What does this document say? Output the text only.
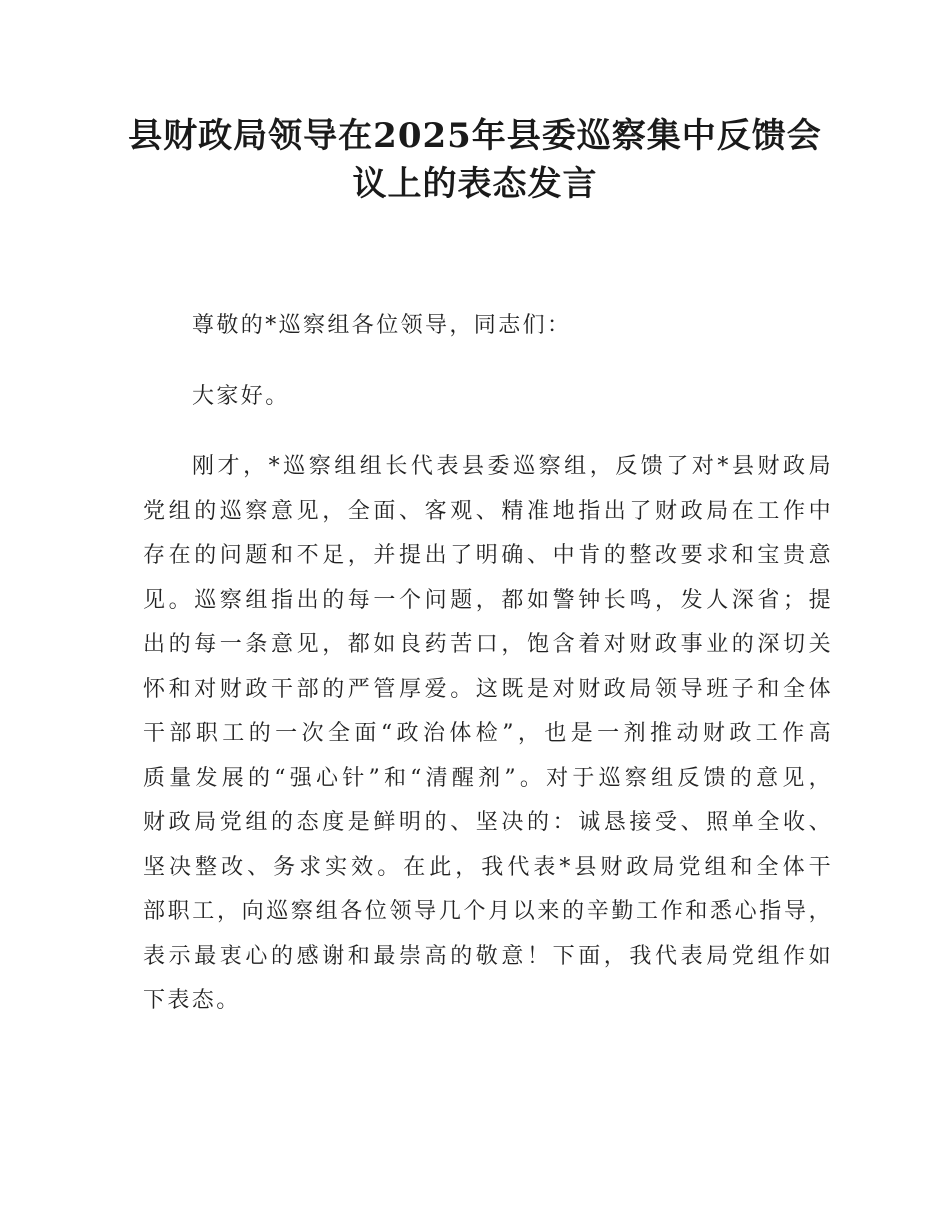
县财政局领导在2025年县委巡察集中反馈会
议上的表态发言
尊敬的*巡察组各位领导，同志们：
大家好。
刚才，*巡察组组长代表县委巡察组，反馈了对*县财政局
党组的巡察意见，全面、客观、精准地指出了财政局在工作中
存在的问题和不足，并提出了明确、中肯的整改要求和宝贵意
见。巡察组指出的每一个问题，都如警钟长鸣，发人深省；提
出的每一条意见，都如良药苦口，饱含着对财政事业的深切关
怀和对财政干部的严管厚爱。这既是对财政局领导班子和全体
干部职工的一次全面“政治体检”，也是一剂推动财政工作高
质量发展的“强心针”和“清醒剂”。对于巡察组反馈的意见，
财政局党组的态度是鲜明的、坚决的：诚恳接受、照单全收、
坚决整改、务求实效。在此，我代表*县财政局党组和全体干
部职工，向巡察组各位领导几个月以来的辛勤工作和悉心指导，
表示最衷心的感谢和最崇高的敬意！下面，我代表局党组作如
下表态。
